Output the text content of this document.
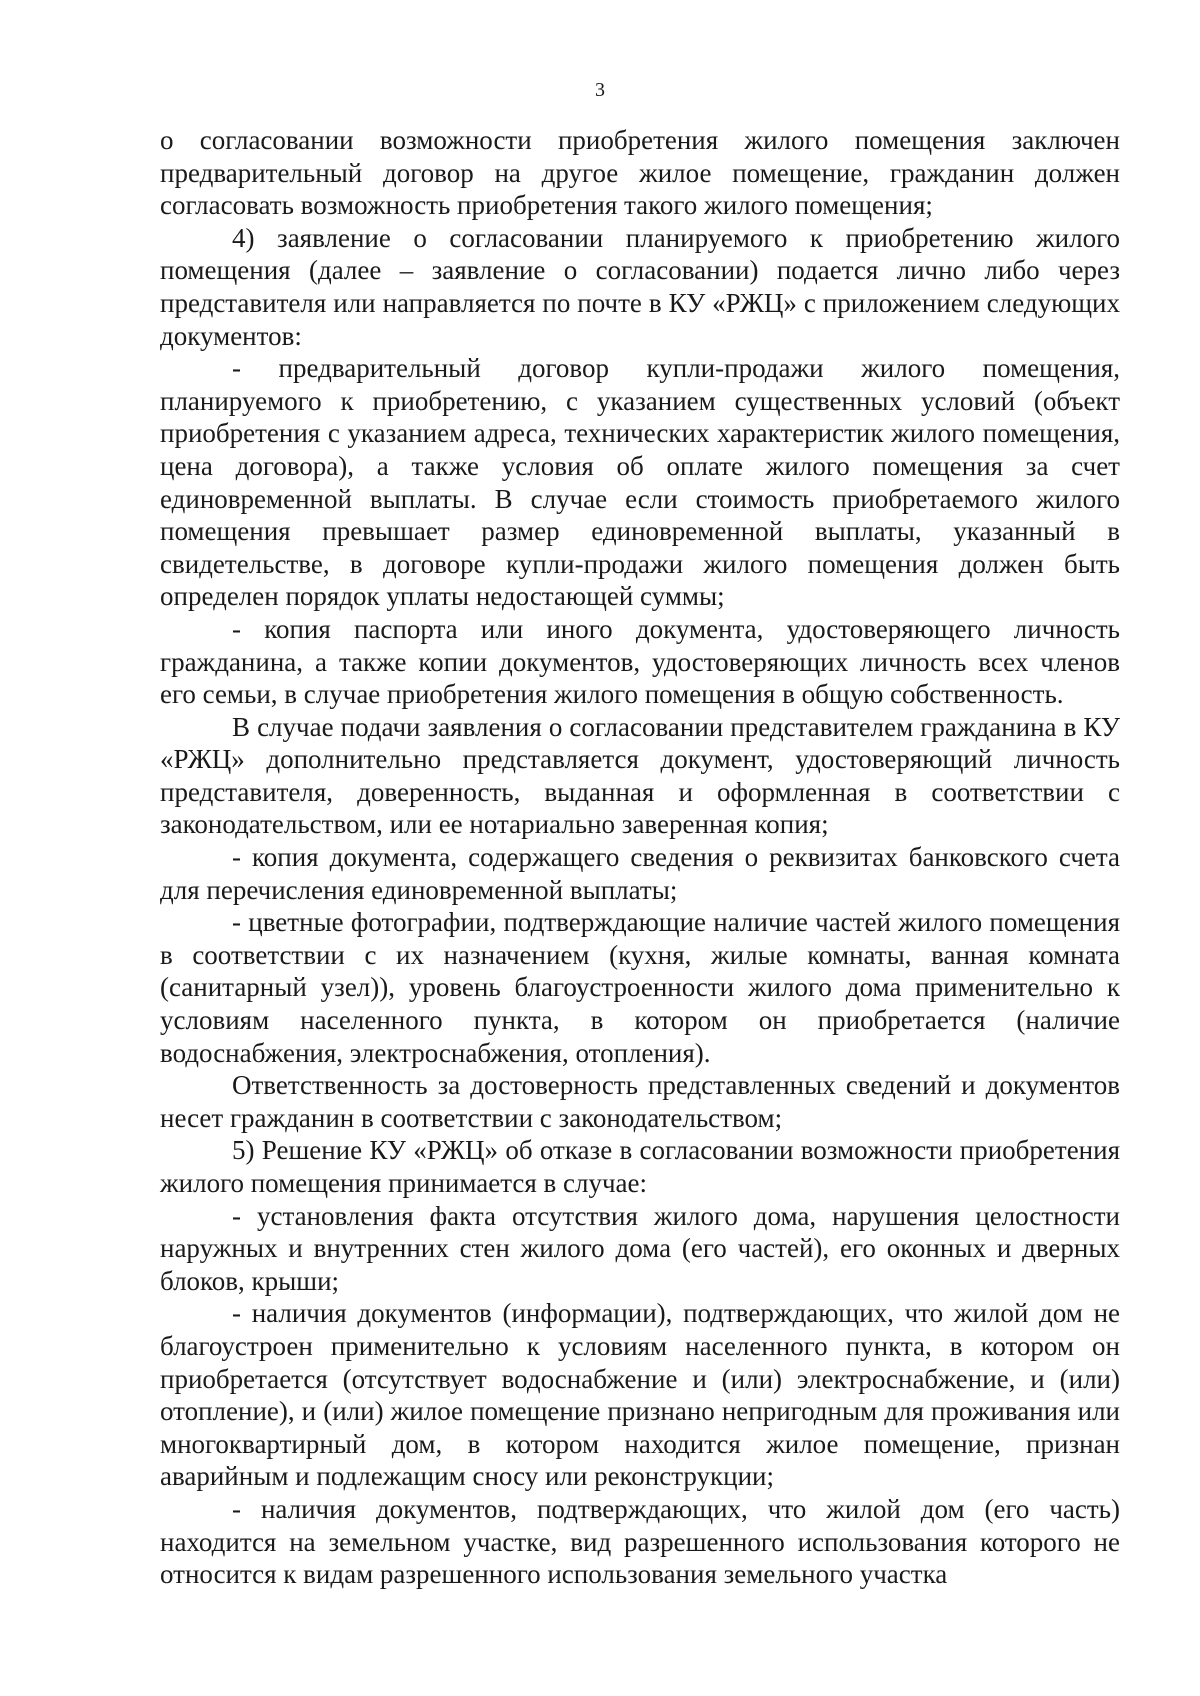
3

о согласовании возможности приобретения жилого помещения заключен предварительный договор на другое жилое помещение, гражданин должен согласовать возможность приобретения такого жилого помещения;

4) заявление о согласовании планируемого к приобретению жилого помещения (далее – заявление о согласовании) подается лично либо через представителя или направляется по почте в КУ «РЖЦ» с приложением следующих документов:

- предварительный договор купли-продажи жилого помещения, планируемого к приобретению, с указанием существенных условий (объект приобретения с указанием адреса, технических характеристик жилого помещения, цена договора), а также условия об оплате жилого помещения за счет единовременной выплаты. В случае если стоимость приобретаемого жилого помещения превышает размер единовременной выплаты, указанный в свидетельстве, в договоре купли-продажи жилого помещения должен быть определен порядок уплаты недостающей суммы;

- копия паспорта или иного документа, удостоверяющего личность гражданина, а также копии документов, удостоверяющих личность всех членов его семьи, в случае приобретения жилого помещения в общую собственность.

В случае подачи заявления о согласовании представителем гражданина в КУ «РЖЦ» дополнительно представляется документ, удостоверяющий личность представителя, доверенность, выданная и оформленная в соответствии с законодательством, или ее нотариально заверенная копия;

- копия документа, содержащего сведения о реквизитах банковского счета для перечисления единовременной выплаты;

- цветные фотографии, подтверждающие наличие частей жилого помещения в соответствии с их назначением (кухня, жилые комнаты, ванная комната (санитарный узел)), уровень благоустроенности жилого дома применительно к условиям населенного пункта, в котором он приобретается (наличие водоснабжения, электроснабжения, отопления).

Ответственность за достоверность представленных сведений и документов несет гражданин в соответствии с законодательством;

5) Решение КУ «РЖЦ» об отказе в согласовании возможности приобретения жилого помещения принимается в случае:

- установления факта отсутствия жилого дома, нарушения целостности наружных и внутренних стен жилого дома (его частей), его оконных и дверных блоков, крыши;

- наличия документов (информации), подтверждающих, что жилой дом не благоустроен применительно к условиям населенного пункта, в котором он приобретается (отсутствует водоснабжение и (или) электроснабжение, и (или) отопление), и (или) жилое помещение признано непригодным для проживания или многоквартирный дом, в котором находится жилое помещение, признан аварийным и подлежащим сносу или реконструкции;

- наличия документов, подтверждающих, что жилой дом (его часть) находится на земельном участке, вид разрешенного использования которого не относится к видам разрешенного использования земельного участка
